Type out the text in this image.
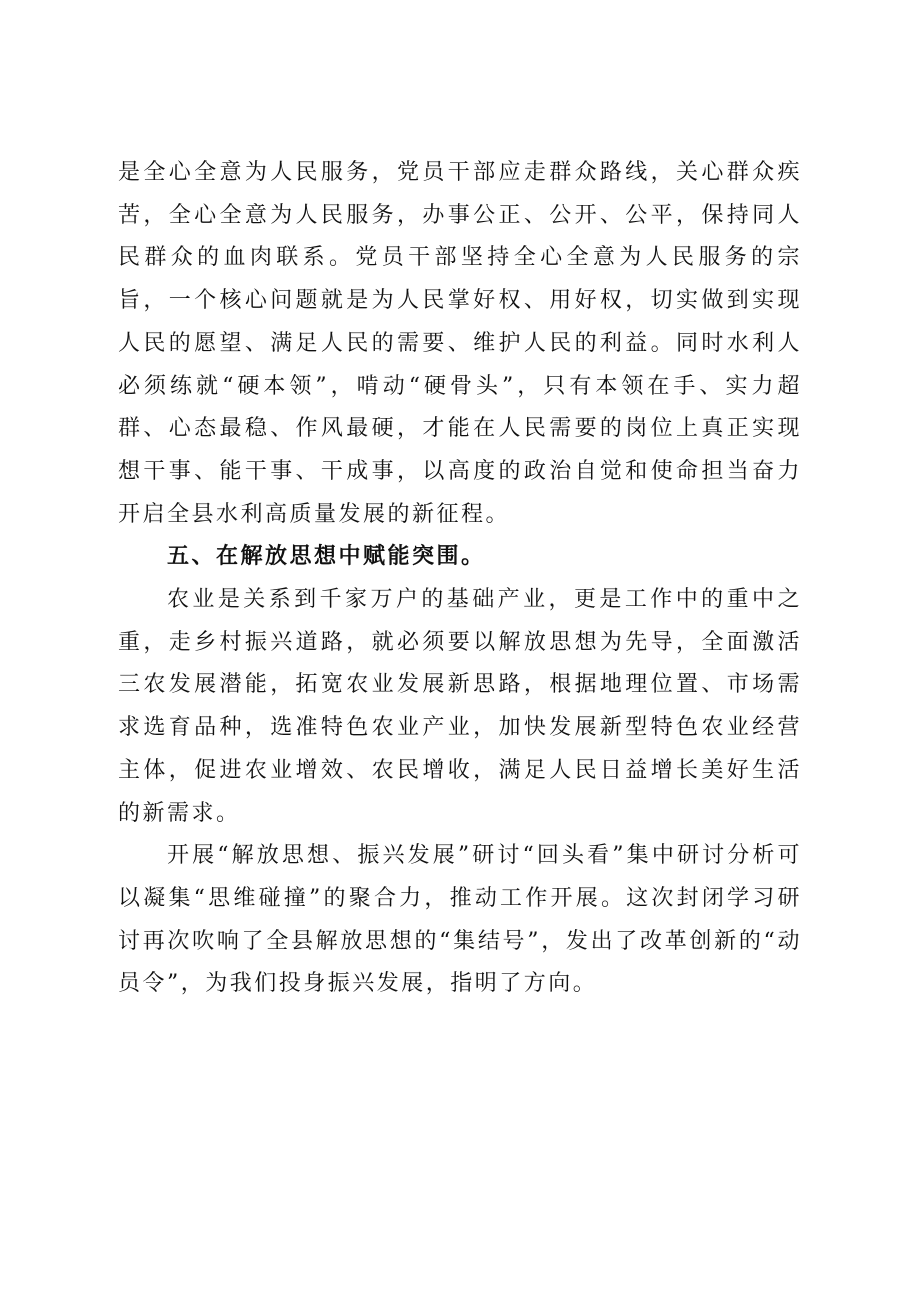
是全心全意为人民服务，党员干部应走群众路线，关心群众疾苦，全心全意为人民服务，办事公正、公开、公平，保持同人民群众的血肉联系。党员干部坚持全心全意为人民服务的宗旨，一个核心问题就是为人民掌好权、用好权，切实做到实现人民的愿望、满足人民的需要、维护人民的利益。同时水利人必须练就“硬本领”，啃动“硬骨头”，只有本领在手、实力超群、心态最稳、作风最硬，才能在人民需要的岗位上真正实现想干事、能干事、干成事，以高度的政治自觉和使命担当奋力开启全县水利高质量发展的新征程。

五、在解放思想中赋能突围。

农业是关系到千家万户的基础产业，更是工作中的重中之重，走乡村振兴道路，就必须要以解放思想为先导，全面激活三农发展潜能，拓宽农业发展新思路，根据地理位置、市场需求选育品种，选准特色农业产业，加快发展新型特色农业经营主体，促进农业增效、农民增收，满足人民日益增长美好生活的新需求。

开展“解放思想、振兴发展”研讨“回头看”集中研讨分析可以凝集“思维碰撞”的聚合力，推动工作开展。这次封闭学习研讨再次吹响了全县解放思想的“集结号”，发出了改革创新的“动员令”，为我们投身振兴发展，指明了方向。
